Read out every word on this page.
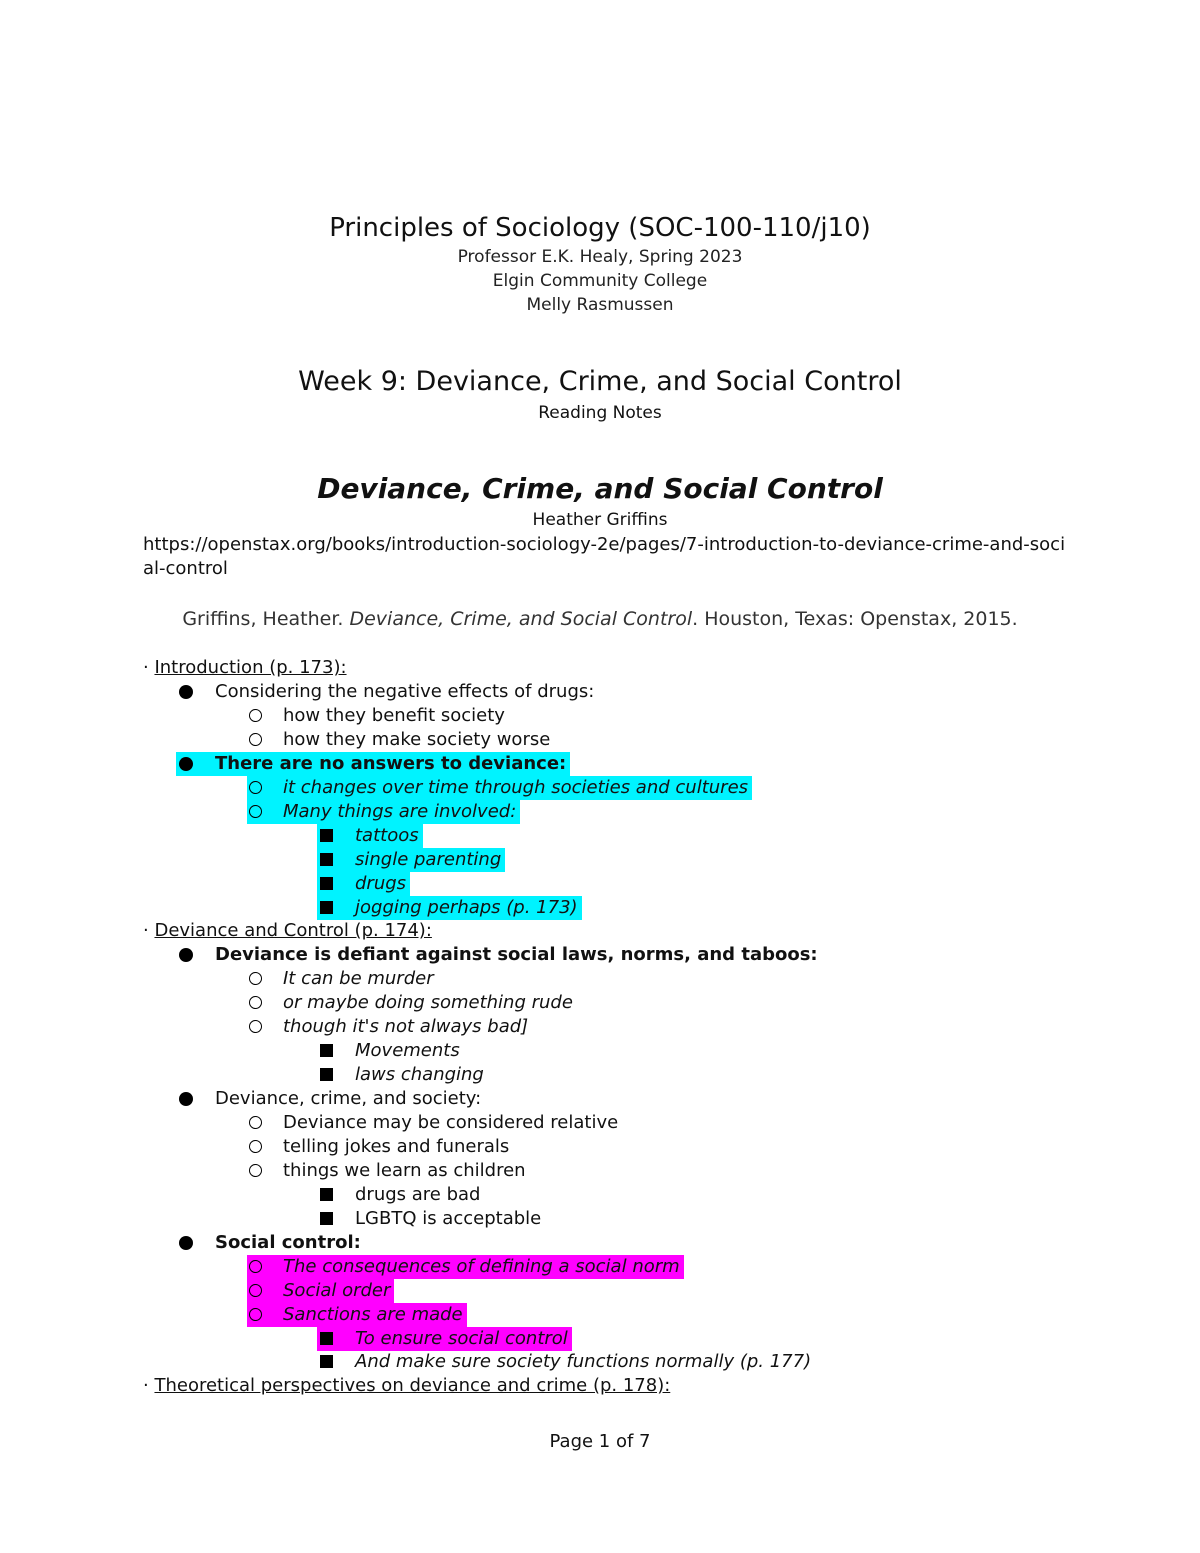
Principles of Sociology (SOC-100-110/j10)
Professor E.K. Healy, Spring 2023
Elgin Community College
Melly Rasmussen
Week 9: Deviance, Crime, and Social Control
Reading Notes
Deviance, Crime, and Social Control
Heather Griffins
https://openstax.org/books/introduction-sociology-2e/pages/7-introduction-to-deviance-crime-and-social-control
Griffins, Heather. Deviance, Crime, and Social Control. Houston, Texas: Openstax, 2015.
· Introduction (p. 173):
Considering the negative effects of drugs:
how they benefit society
how they make society worse
There are no answers to deviance:
it changes over time through societies and cultures
Many things are involved:
tattoos
single parenting
drugs
jogging perhaps (p. 173)
· Deviance and Control (p. 174):
Deviance is defiant against social laws, norms, and taboos:
It can be murder
or maybe doing something rude
though it's not always bad]
Movements
laws changing
Deviance, crime, and society:
Deviance may be considered relative
telling jokes and funerals
things we learn as children
drugs are bad
LGBTQ is acceptable
Social control:
The consequences of defining a social norm
Social order
Sanctions are made
To ensure social control
And make sure society functions normally (p. 177)
· Theoretical perspectives on deviance and crime (p. 178):
Page 1 of 7
